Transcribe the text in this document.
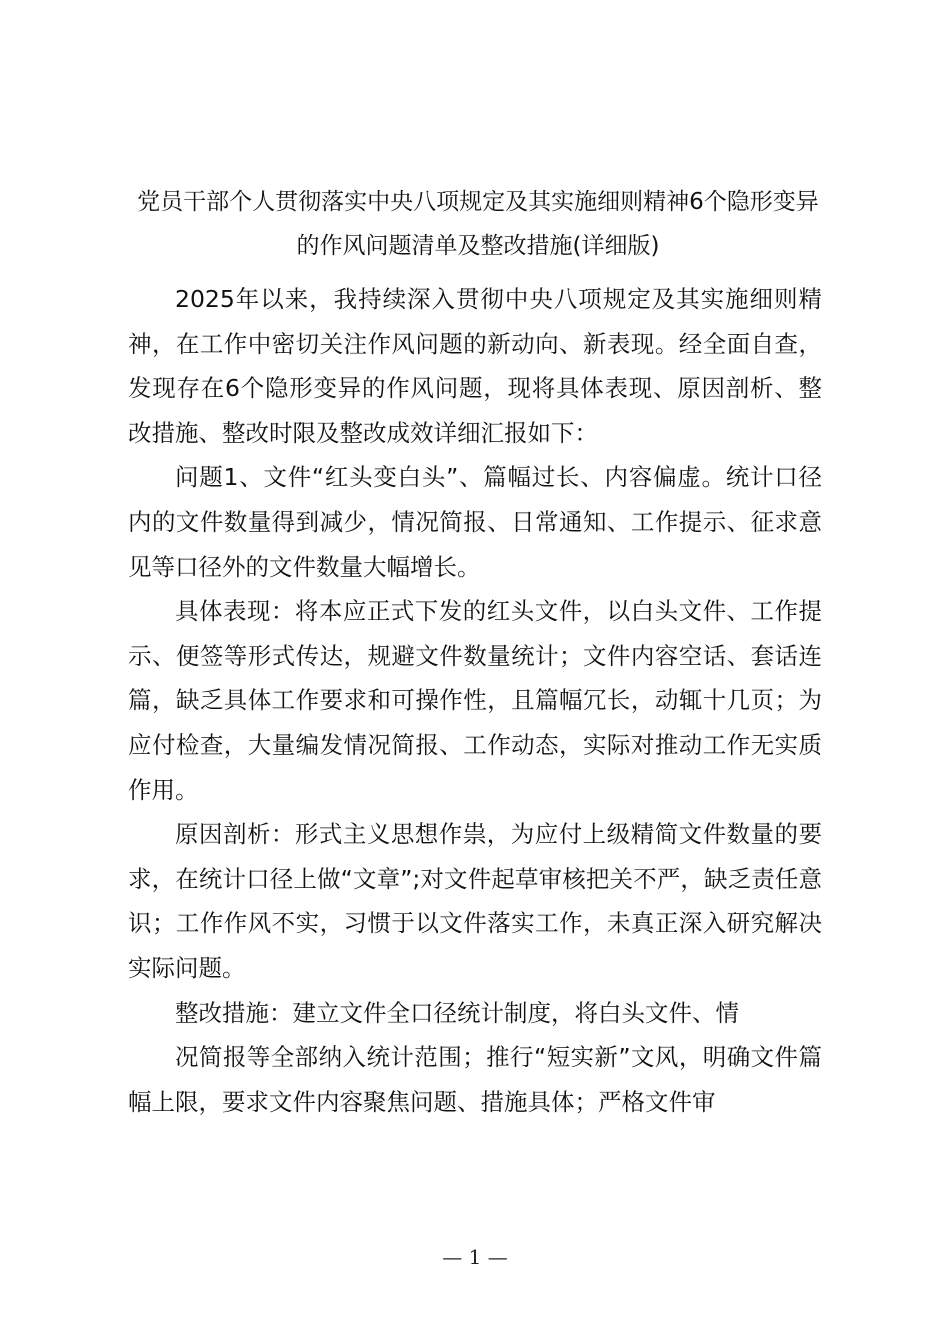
党员干部个人贯彻落实中央八项规定及其实施细则精神6个隐形变异的作风问题清单及整改措施(详细版)

2025年以来，我持续深入贯彻中央八项规定及其实施细则精神，在工作中密切关注作风问题的新动向、新表现。经全面自查，发现存在6个隐形变异的作风问题，现将具体表现、原因剖析、整改措施、整改时限及整改成效详细汇报如下：

问题1、文件“红头变白头”、篇幅过长、内容偏虚。统计口径内的文件数量得到减少，情况简报、日常通知、工作提示、征求意见等口径外的文件数量大幅增长。

具体表现：将本应正式下发的红头文件，以白头文件、工作提示、便签等形式传达，规避文件数量统计；文件内容空话、套话连篇，缺乏具体工作要求和可操作性，且篇幅冗长，动辄十几页；为应付检查，大量编发情况简报、工作动态，实际对推动工作无实质作用。

原因剖析：形式主义思想作祟，为应付上级精简文件数量的要求，在统计口径上做“文章”;对文件起草审核把关不严，缺乏责任意识；工作作风不实，习惯于以文件落实工作，未真正深入研究解决实际问题。

整改措施：建立文件全口径统计制度，将白头文件、情

况简报等全部纳入统计范围；推行“短实新”文风，明确文件篇幅上限，要求文件内容聚焦问题、措施具体；严格文件审

— 1 —
